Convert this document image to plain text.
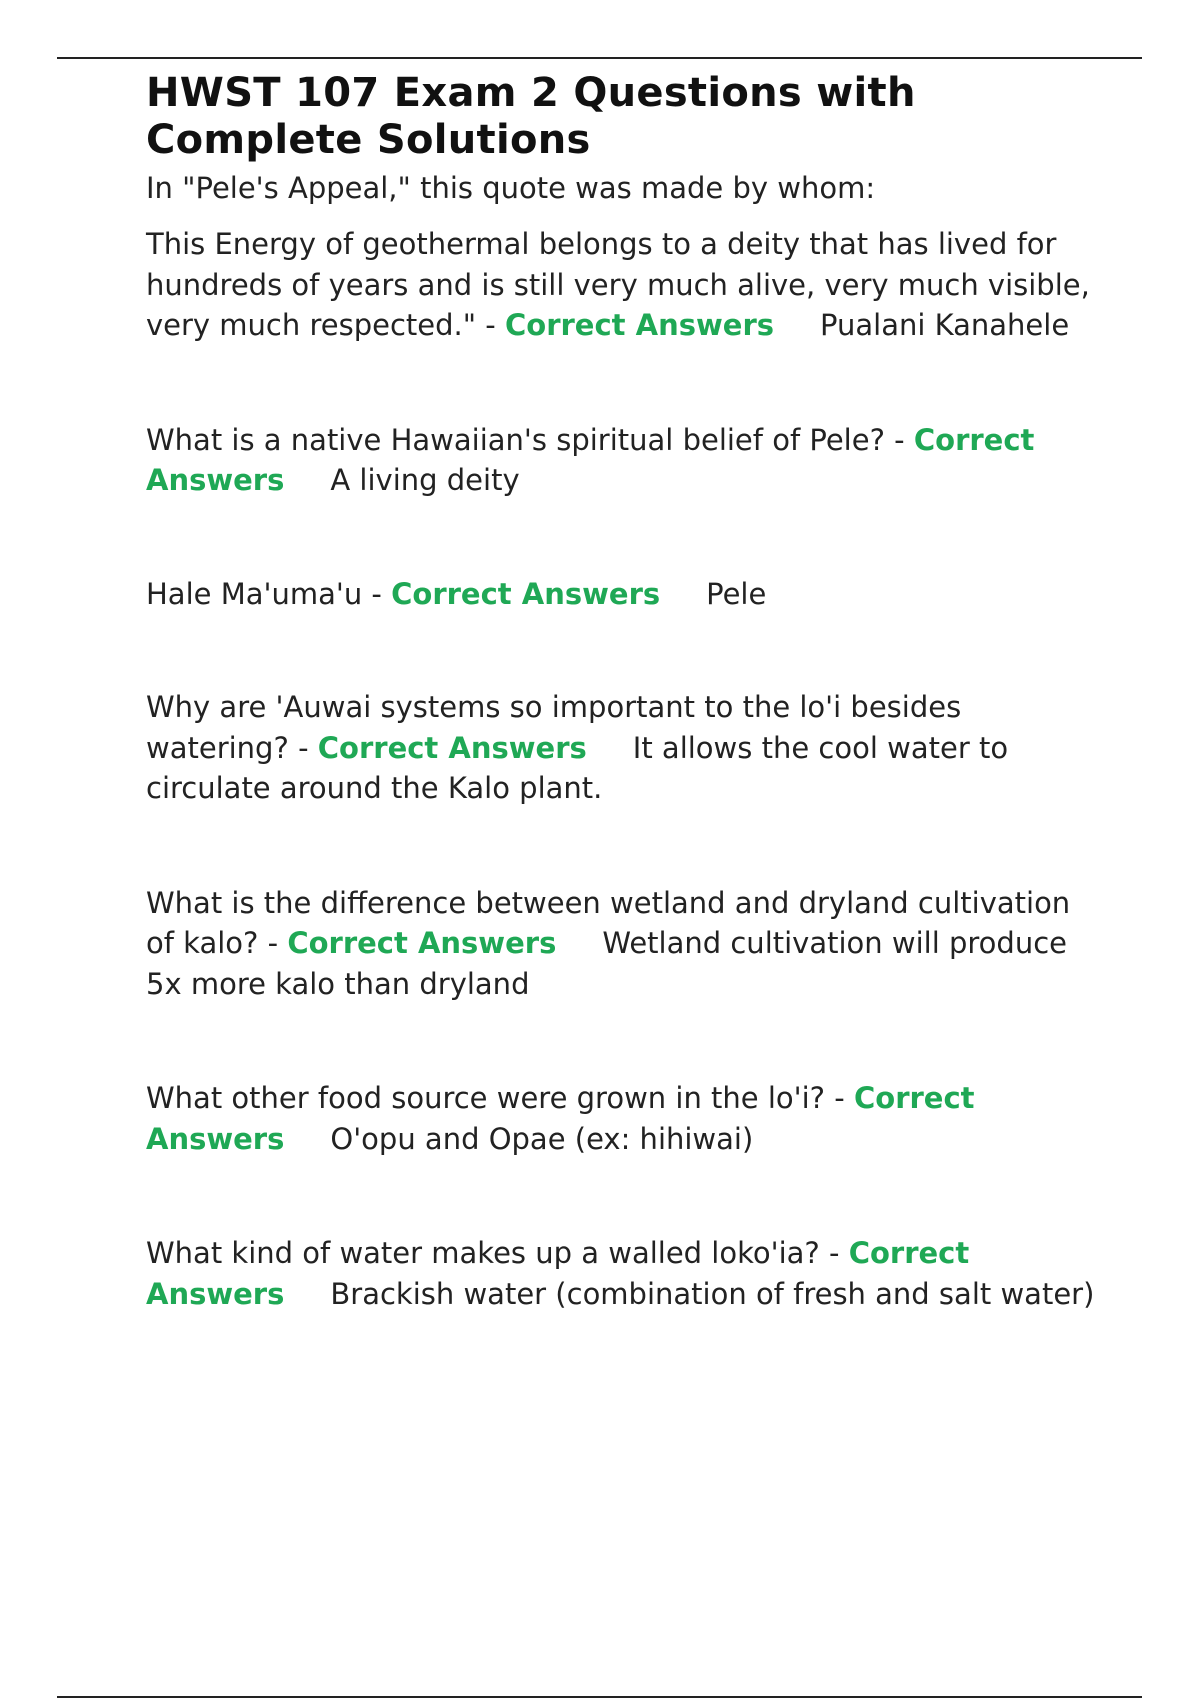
HWST 107 Exam 2 Questions with Complete Solutions

In "Pele's Appeal," this quote was made by whom:

This Energy of geothermal belongs to a deity that has lived for hundreds of years and is still very much alive, very much visible, very much respected." - Correct Answers Pualani Kanahele

What is a native Hawaiian's spiritual belief of Pele? - Correct Answers A living deity

Hale Ma'uma'u - Correct Answers Pele

Why are 'Auwai systems so important to the lo'i besides watering? - Correct Answers It allows the cool water to circulate around the Kalo plant.

What is the difference between wetland and dryland cultivation of kalo? - Correct Answers Wetland cultivation will produce 5x more kalo than dryland

What other food source were grown in the lo'i? - Correct Answers O'opu and Opae (ex: hihiwai)

What kind of water makes up a walled loko'ia? - Correct Answers Brackish water (combination of fresh and salt water)
